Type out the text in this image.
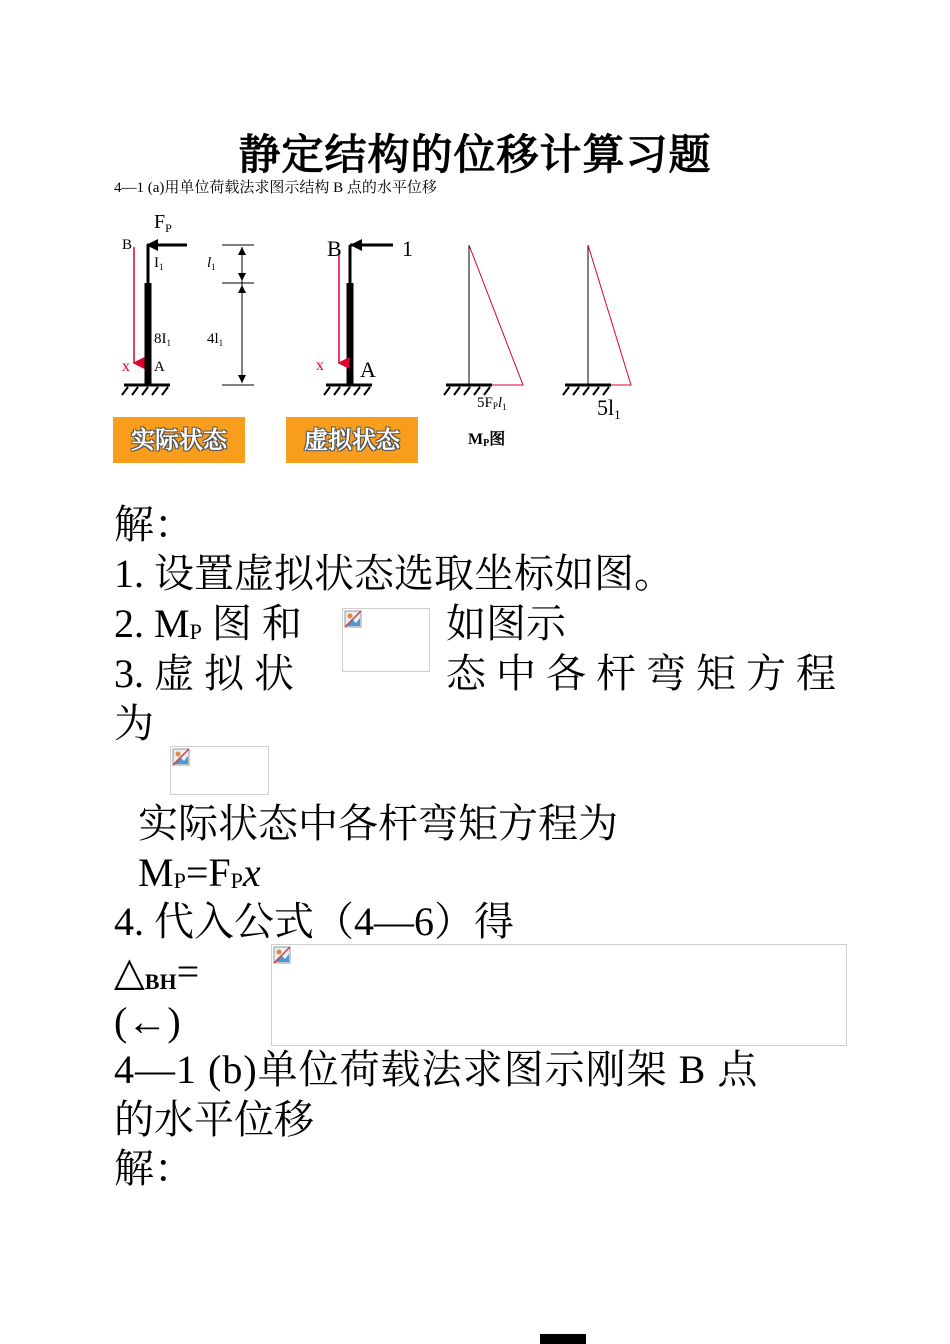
静定结构的位移计算习题
4—1 (a)用单位荷载法求图示结构 B 点的水平位移
$F_P$
B
$I_1$	$l_1$
$8I_1$ $4l_1$
x A
B	1
x A
5FPl$_1$
MP图
5l1
实际状态	虚拟状态
解：
1. 设置虚拟状态选取坐标如图。
2. $M_P$ 图 和	如图示
3. 虚 拟 状	态 中 各 杆 弯 矩 方 程
为
实际状态中各杆弯矩方程为
$M_P=F_Px$
4. 代入公式（4—6）得
$\triangle_{BH}=$
(←)
4—1 (b)单位荷载法求图示刚架 B 点
的水平位移
解：
